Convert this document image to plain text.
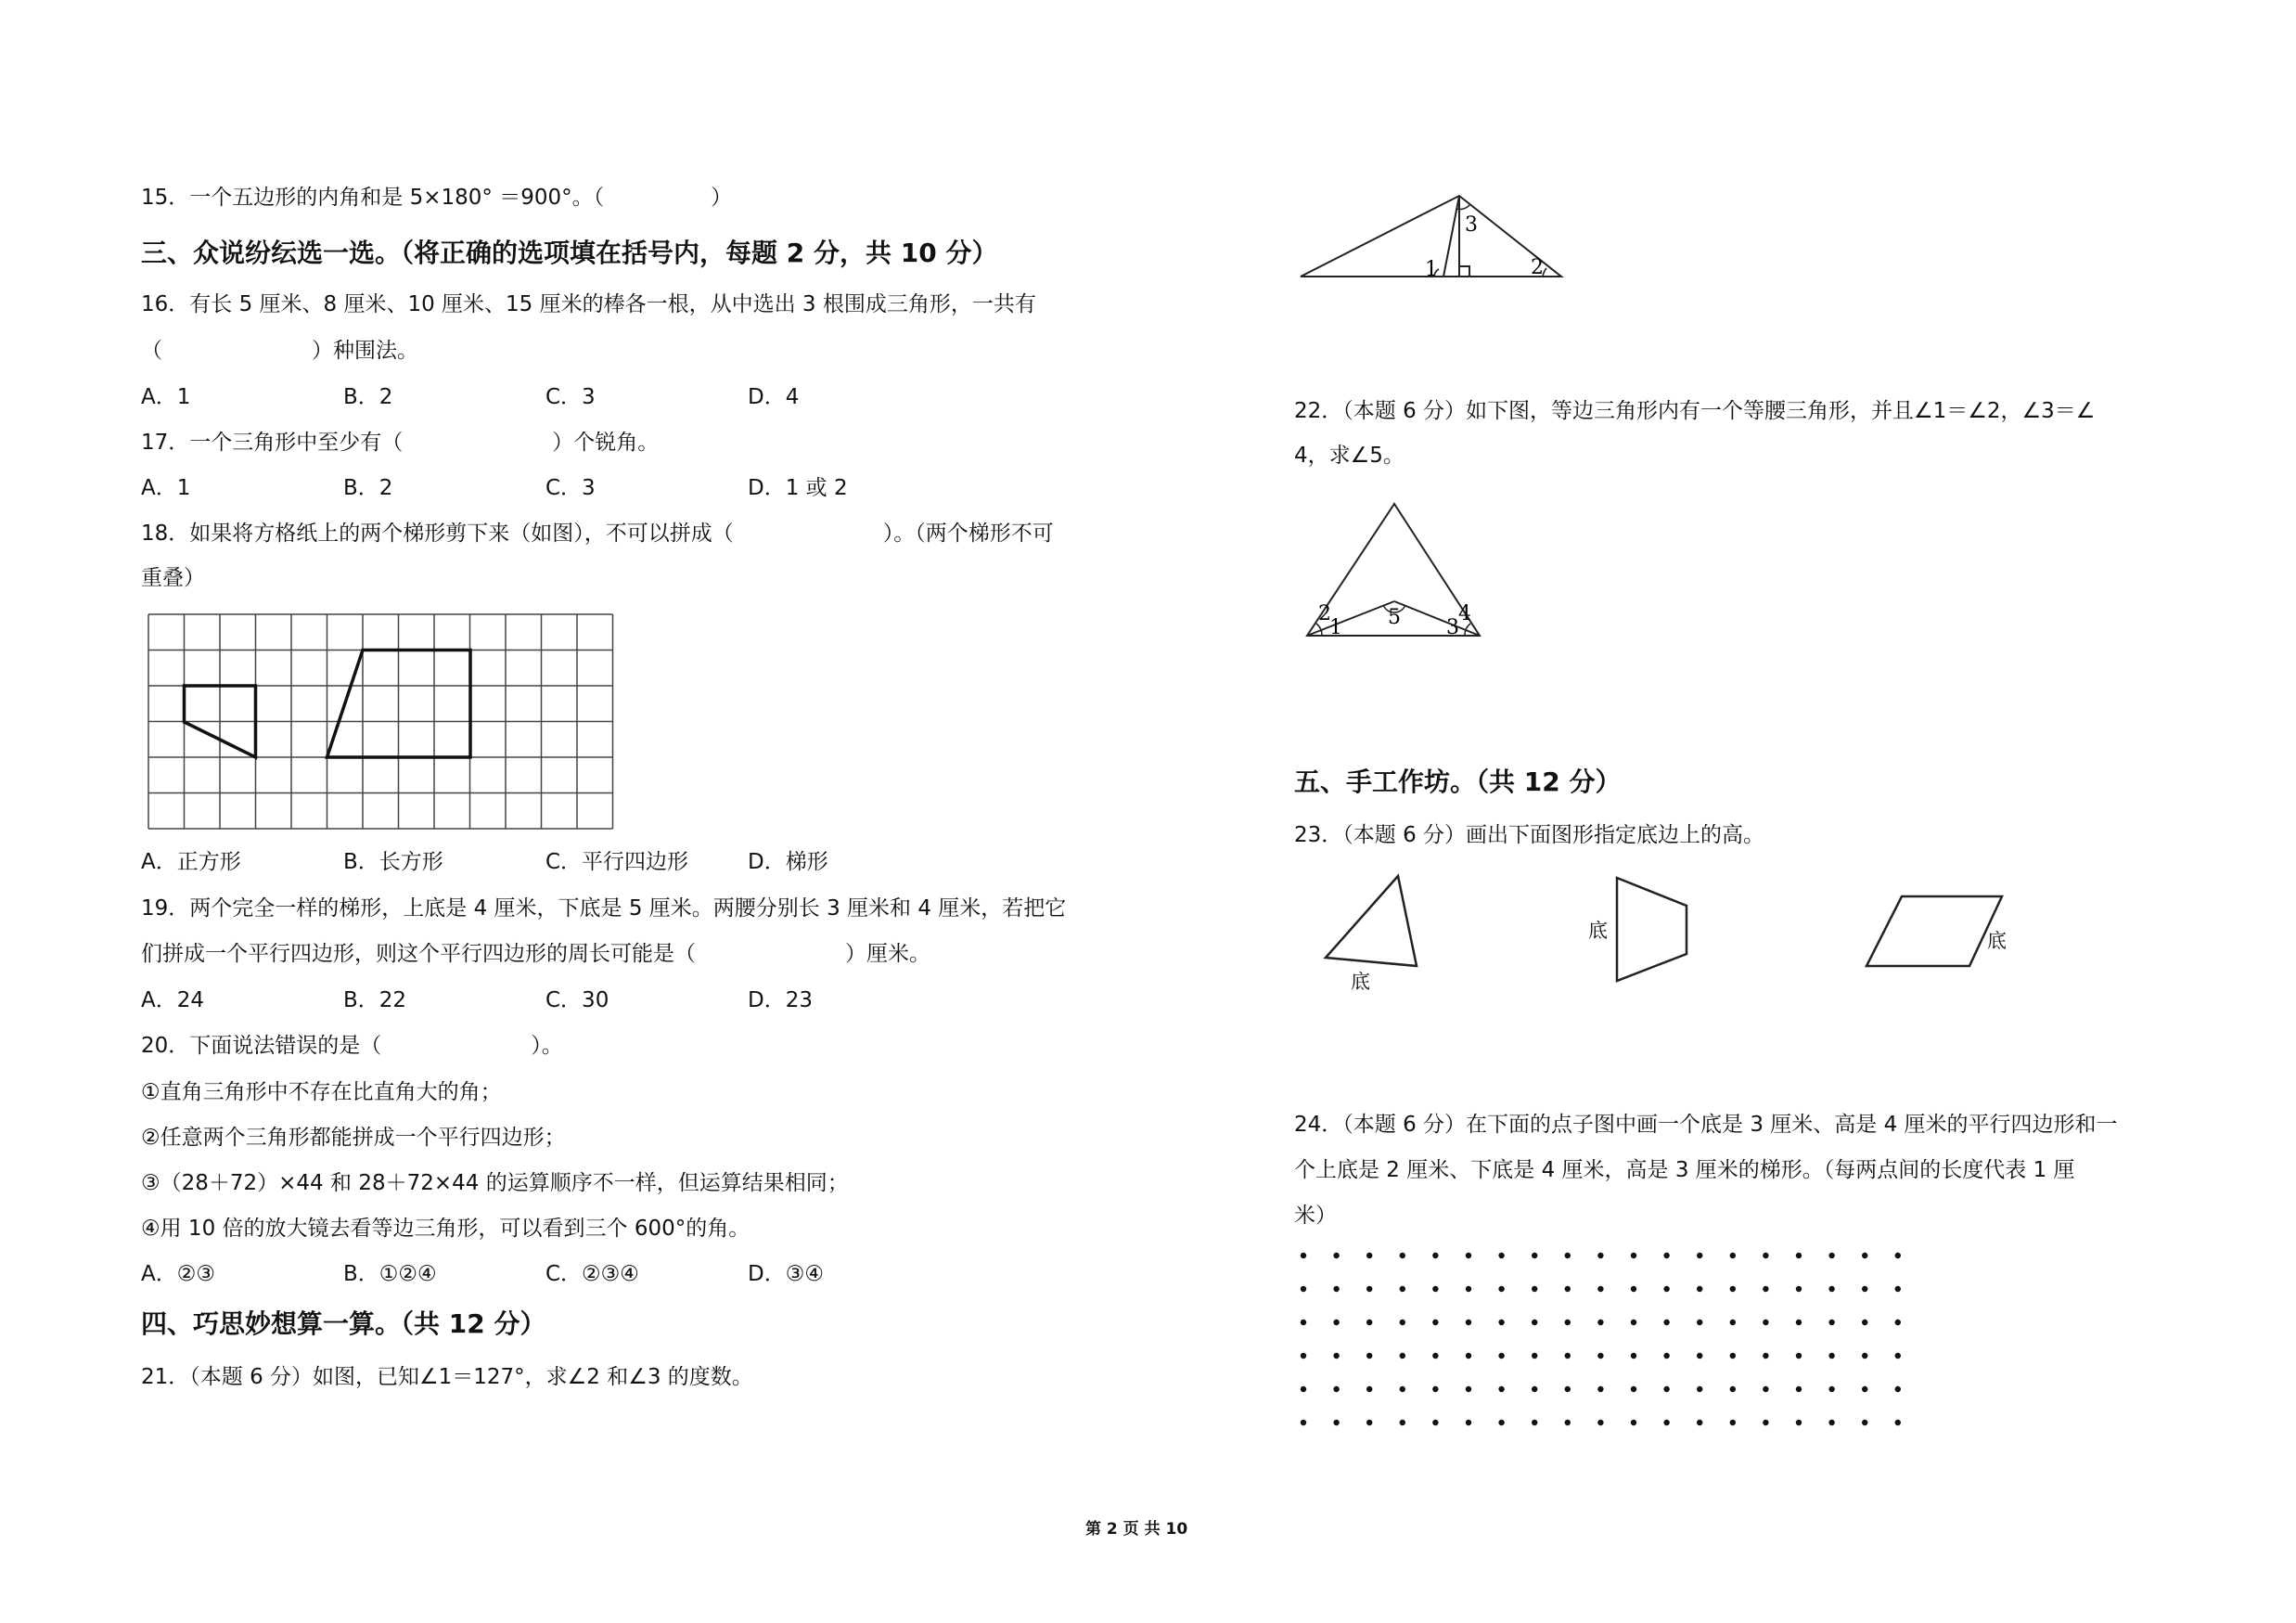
15．一个五边形的内角和是 5×180° ＝900°。（　　　　　）
三、众说纷纭选一选。（将正确的选项填在括号内，每题 2 分，共 10 分）
16．有长 5 厘米、8 厘米、10 厘米、15 厘米的棒各一根，从中选出 3 根围成三角形，一共有
（　　　　　　　）种围法。
A．1	B．2	C．3	D．4
17．一个三角形中至少有（　　　　　　　）个锐角。
A．1	B．2	C．3	D．1 或 2
18．如果将方格纸上的两个梯形剪下来（如图），不可以拼成（　　　　　　　）。（两个梯形不可
重叠）
A．正方形	B．长方形	C．平行四边形	D．梯形
19．两个完全一样的梯形，上底是 4 厘米，下底是 5 厘米。两腰分别长 3 厘米和 4 厘米，若把它
们拼成一个平行四边形，则这个平行四边形的周长可能是（　　　　　　　）厘米。
A．24	B．22	C．30	D．23
20．下面说法错误的是（　　　　　　　）。
①直角三角形中不存在比直角大的角；
②任意两个三角形都能拼成一个平行四边形；
③（28＋72）×44 和 28＋72×44 的运算顺序不一样，但运算结果相同；
④用 10 倍的放大镜去看等边三角形，可以看到三个 600°的角。
A．②③	B．①②④	C．②③④	D．③④
四、巧思妙想算一算。（共 12 分）
21．（本题 6 分）如图，已知∠1＝127°，求∠2 和∠3 的度数。
1	2
3
22．（本题 6 分）如下图，等边三角形内有一个等腰三角形，并且∠1＝∠2，∠3＝∠
4，求∠5。
1
2
3
4
5
五、手工作坊。（共 12 分）
23．（本题 6 分）画出下面图形指定底边上的高。
底
底	底
24．（本题 6 分）在下面的点子图中画一个底是 3 厘米、高是 4 厘米的平行四边形和一
个上底是 2 厘米、下底是 4 厘米，高是 3 厘米的梯形。（每两点间的长度代表 1 厘
米）
第 2 页 共 10
